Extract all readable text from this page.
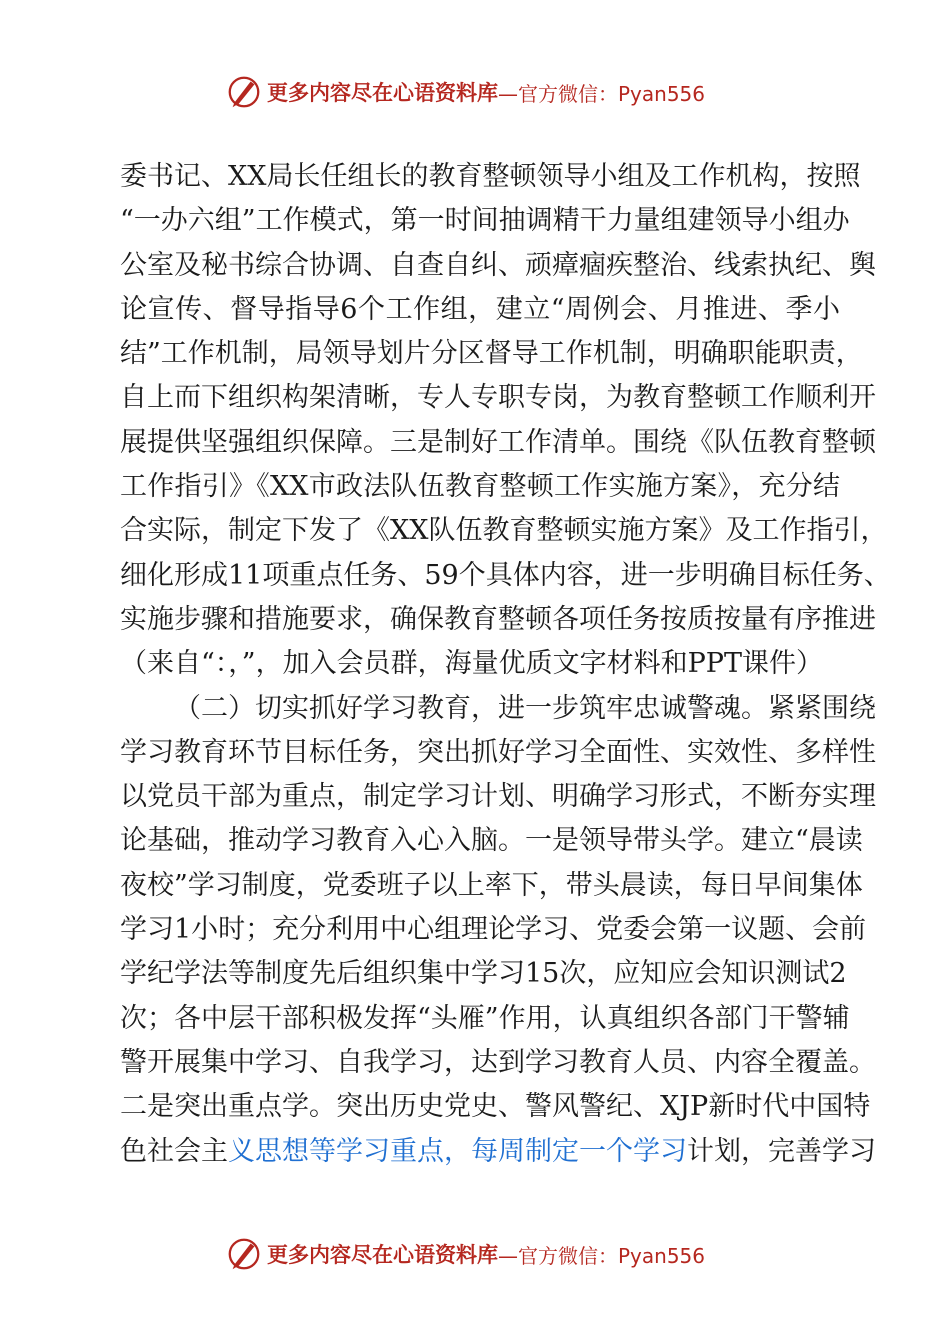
更多内容尽在心语资料库 —官方微信：Pyan556
委书记、XX局长任组长的教育整顿领导小组及工作机构，按照
“一办六组”工作模式，第一时间抽调精干力量组建领导小组办
公室及秘书综合协调、自查自纠、顽瘴痼疾整治、线索执纪、舆
论宣传、督导指导6个工作组，建立“周例会、月推进、季小
结”工作机制，局领导划片分区督导工作机制，明确职能职责，
自上而下组织构架清晰，专人专职专岗，为教育整顿工作顺利开
展提供坚强组织保障。三是制好工作清单。围绕《队伍教育整顿
工作指引》《XX市政法队伍教育整顿工作实施方案》，充分结
合实际，制定下发了《XX队伍教育整顿实施方案》及工作指引，
细化形成11项重点任务、59个具体内容，进一步明确目标任务、
实施步骤和措施要求，确保教育整顿各项任务按质按量有序推进
（来自“：，”，加入会员群，海量优质文字材料和PPT课件）
（二）切实抓好学习教育，进一步筑牢忠诚警魂。紧紧围绕
学习教育环节目标任务，突出抓好学习全面性、实效性、多样性
以党员干部为重点，制定学习计划、明确学习形式，不断夯实理
论基础，推动学习教育入心入脑。一是领导带头学。建立“晨读
夜校”学习制度，党委班子以上率下，带头晨读，每日早间集体
学习1小时；充分利用中心组理论学习、党委会第一议题、会前
学纪学法等制度先后组织集中学习15次，应知应会知识测试2
次；各中层干部积极发挥“头雁”作用，认真组织各部门干警辅
警开展集中学习、自我学习，达到学习教育人员、内容全覆盖。
二是突出重点学。突出历史党史、警风警纪、XJP新时代中国特
色社会主义思想等学习重点，每周制定一个学习计划，完善学习
更多内容尽在心语资料库 —官方微信：Pyan556
